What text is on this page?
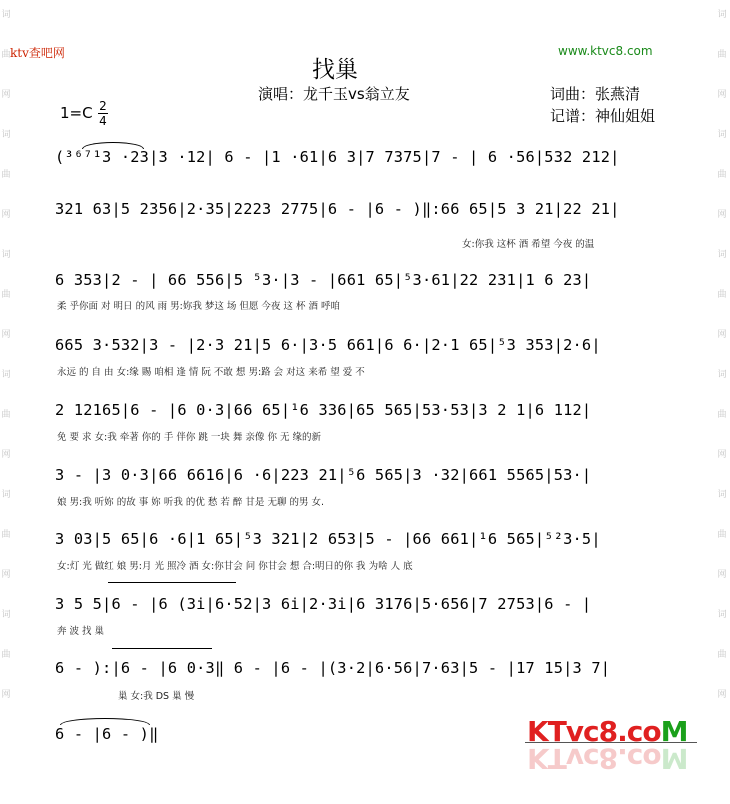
词
曲
网
词
曲
网
词
曲
网
词
曲
网
词
曲
网
词
曲
网
词
曲
网
词
曲
网
词
曲
网
词
曲
网
词
曲
网
词
曲
网
ktv查吧网	www.ktvc8.com
找巢
演唱：龙千玉vs翁立友	词曲：张燕清
记谱：神仙姐姐
1=C 2
4
(³⁶⁷¹3 ·23|3 ·12| 6 - |1 ·61|6 3|7 7375|7 - | 6 ·56|532 212|
321 63|5 2356|2·35|2223 2775|6 - |6 - )‖:66 65|5 3 21|22 21|
女:你我 这杯 酒 希望 今夜 的温
6 353|2 - | 66 556|5 ⁵3·|3 - |661 65|⁵3·61|22 231|1 6 23|
柔 乎你面 对 明日 的风 雨 男:妳我 梦这 场 但愿 今夜 这 杯 酒 呼咱
665 3·532|3 - |2·3 21|5 6·|3·5 661|6 6·|2·1 65|⁵3 353|2·6|
永远 的 自 由 女:缘 賜 咱相 逢 情 阮 不敢 想 男:路 会 对这 来希 望 爱 不
2 12165|6 - |6 0·3|66 65|¹6 336|65 565|53·53|3 2 1|6 112|
免 要 求 女:我 牵著 你的 手 伴你 跳 一块 舞 亲像 你 无 缘的新
3 - |3 0·3|66 6616|6 ·6|223 21|⁵6 565|3 ·32|661 5565|53·|
娘 男:我 听妳 的故 事 妳 听我 的优 愁 若 醉 甘是 无聊 的男 女.
3 03|5 65|6 ·6|1 65|⁵3 321|2 653|5 - |66 661|¹6 565|⁵²3·5|
女:灯 光 做红 娘 男:月 光 照冷 酒 女:你甘会 问 你甘会 想 合:明日的你 我 为啥 人 底
3 5 5|6 - |6 (3i|6·52|3 6i|2·3i|6 3176|5·656|7 2753|6 - |
奔 波 找 巢
6 - ):|6 - |6 0·3‖ 6 - |6 - |(3·2|6·56|7·63|5 - |17 15|3 7|
巢 女:我 DS 巢 慢
6 - |6 - )‖	KTvc8.coM
KTvc8.coM
